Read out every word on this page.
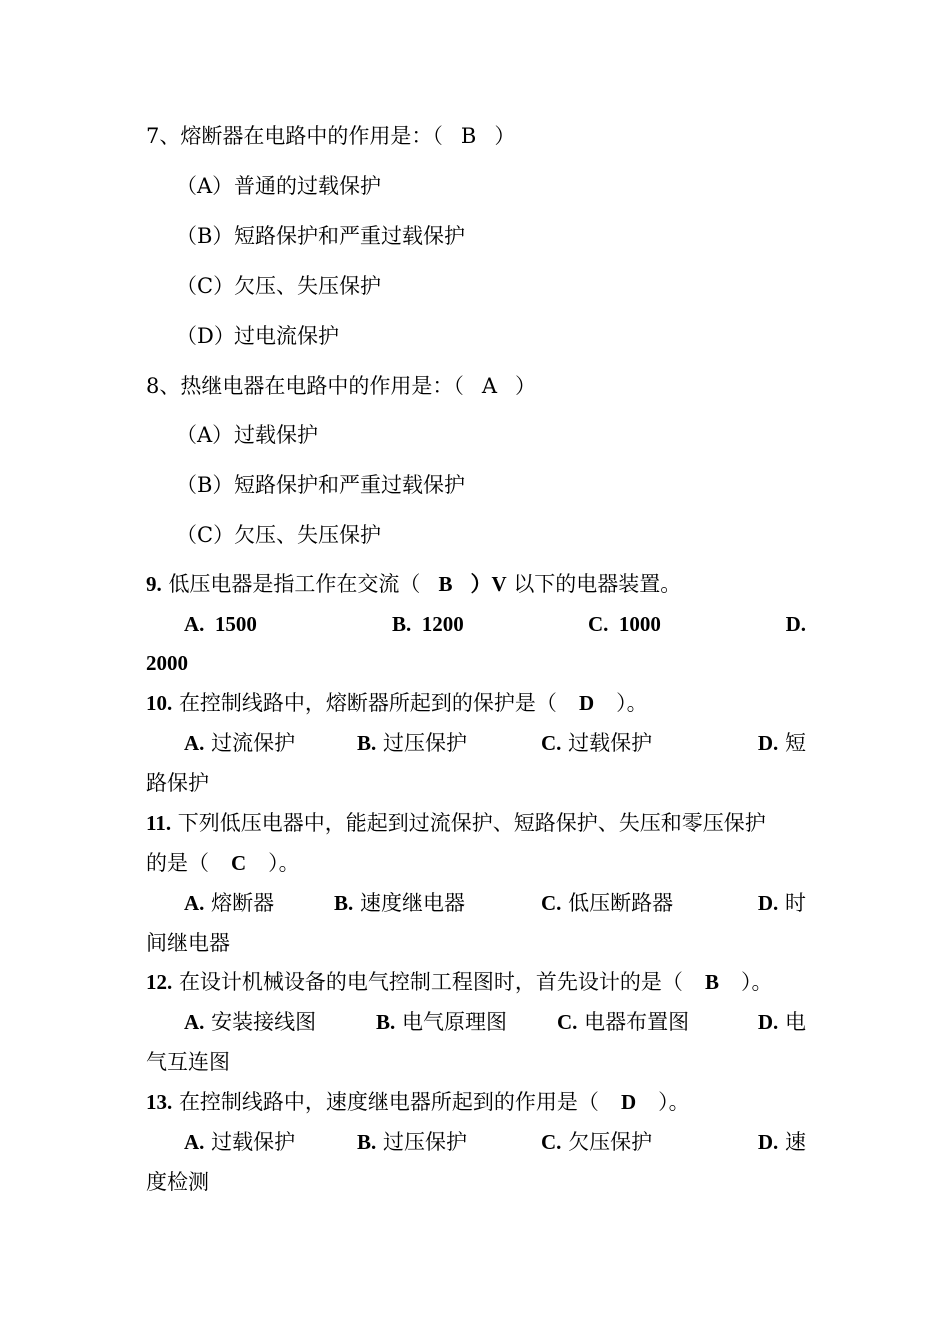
7、熔断器在电路中的作用是：（ B ）
（A）普通的过载保护
（B）短路保护和严重过载保护
（C）欠压、失压保护
（D）过电流保护
8、热继电器在电路中的作用是：（ A ）
（A）过载保护
（B）短路保护和严重过载保护
（C）欠压、失压保护
9. 低压电器是指工作在交流（ B ）V 以下的电器装置。
A. 1500	B. 1200	C. 1000	D.
2000
10. 在控制线路中，熔断器所起到的保护是（ D ）。
A. 过流保护	B. 过压保护	C. 过载保护	D. 短
路保护
11. 下列低压电器中，能起到过流保护、短路保护、失压和零压保护
的是（ C ）。
A. 熔断器	B. 速度继电器	C. 低压断路器	D. 时
间继电器
12. 在设计机械设备的电气控制工程图时，首先设计的是（ B ）。
A. 安装接线图	B. 电气原理图 C. 电器布置图	D. 电
气互连图
13. 在控制线路中，速度继电器所起到的作用是（ D ）。
A. 过载保护	B. 过压保护	C. 欠压保护	D. 速
度检测
